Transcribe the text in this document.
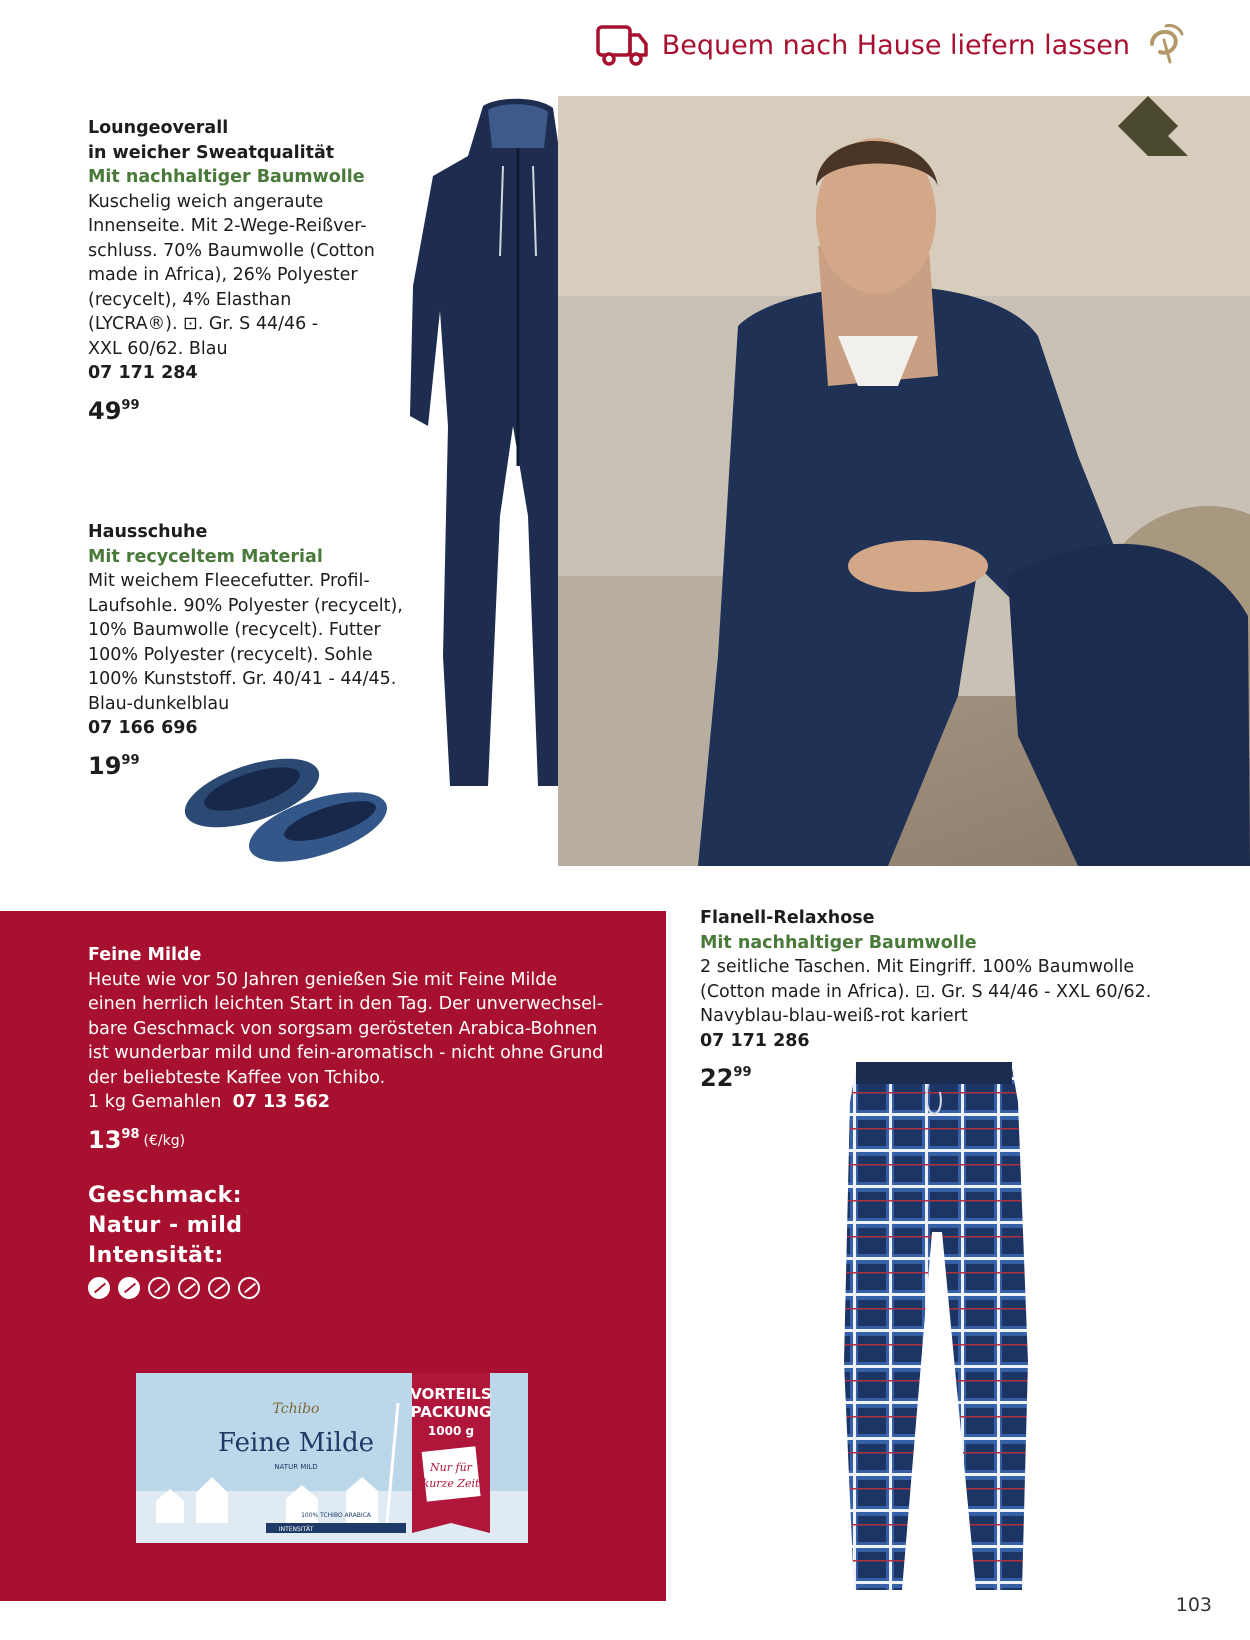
Bequem nach Hause liefern lassen
Loungeoverall
in weicher Sweatqualität
Mit nachhaltiger Baumwolle
Kuschelig weich angeraute
Innenseite. Mit 2-Wege-Reißver-
schluss. 70% Baumwolle (Cotton
made in Africa), 26% Polyester
(recycelt), 4% Elasthan
(LYCRA®). ⊡. Gr. S 44/46 -
XXL 60/62. Blau
07 171 284
$49^{99}$
Hausschuhe
Mit recyceltem Material
Mit weichem Fleecefutter. Profil-
Laufsohle. 90% Polyester (recycelt),
10% Baumwolle (recycelt). Futter
100% Polyester (recycelt). Sohle
100% Kunststoff. Gr. 40/41 - 44/45.
Blau-dunkelblau
07 166 696
$19^{99}$
Feine Milde
Heute wie vor 50 Jahren genießen Sie mit Feine Milde
einen herrlich leichten Start in den Tag. Der unverwechsel-
bare Geschmack von sorgsam gerösteten Arabica-Bohnen
ist wunderbar mild und fein-aromatisch - nicht ohne Grund
der beliebteste Kaffee von Tchibo.
1 kg Gemahlen 07 13 562
$13^{98}$ (€/kg)
Geschmack:
Natur - mild
Intensität:
Tchibo
Feine Milde
NATUR MILD
100% TCHIBO ARABICA
INTENSITÄT
VORTEILS
PACKUNG
1000 g
Nur für
kurze Zeit
Flanell-Relaxhose
Mit nachhaltiger Baumwolle
2 seitliche Taschen. Mit Eingriff. 100% Baumwolle
(Cotton made in Africa). ⊡. Gr. S 44/46 - XXL 60/62.
Navyblau-blau-weiß-rot kariert
07 171 286
$22^{99}$
103
